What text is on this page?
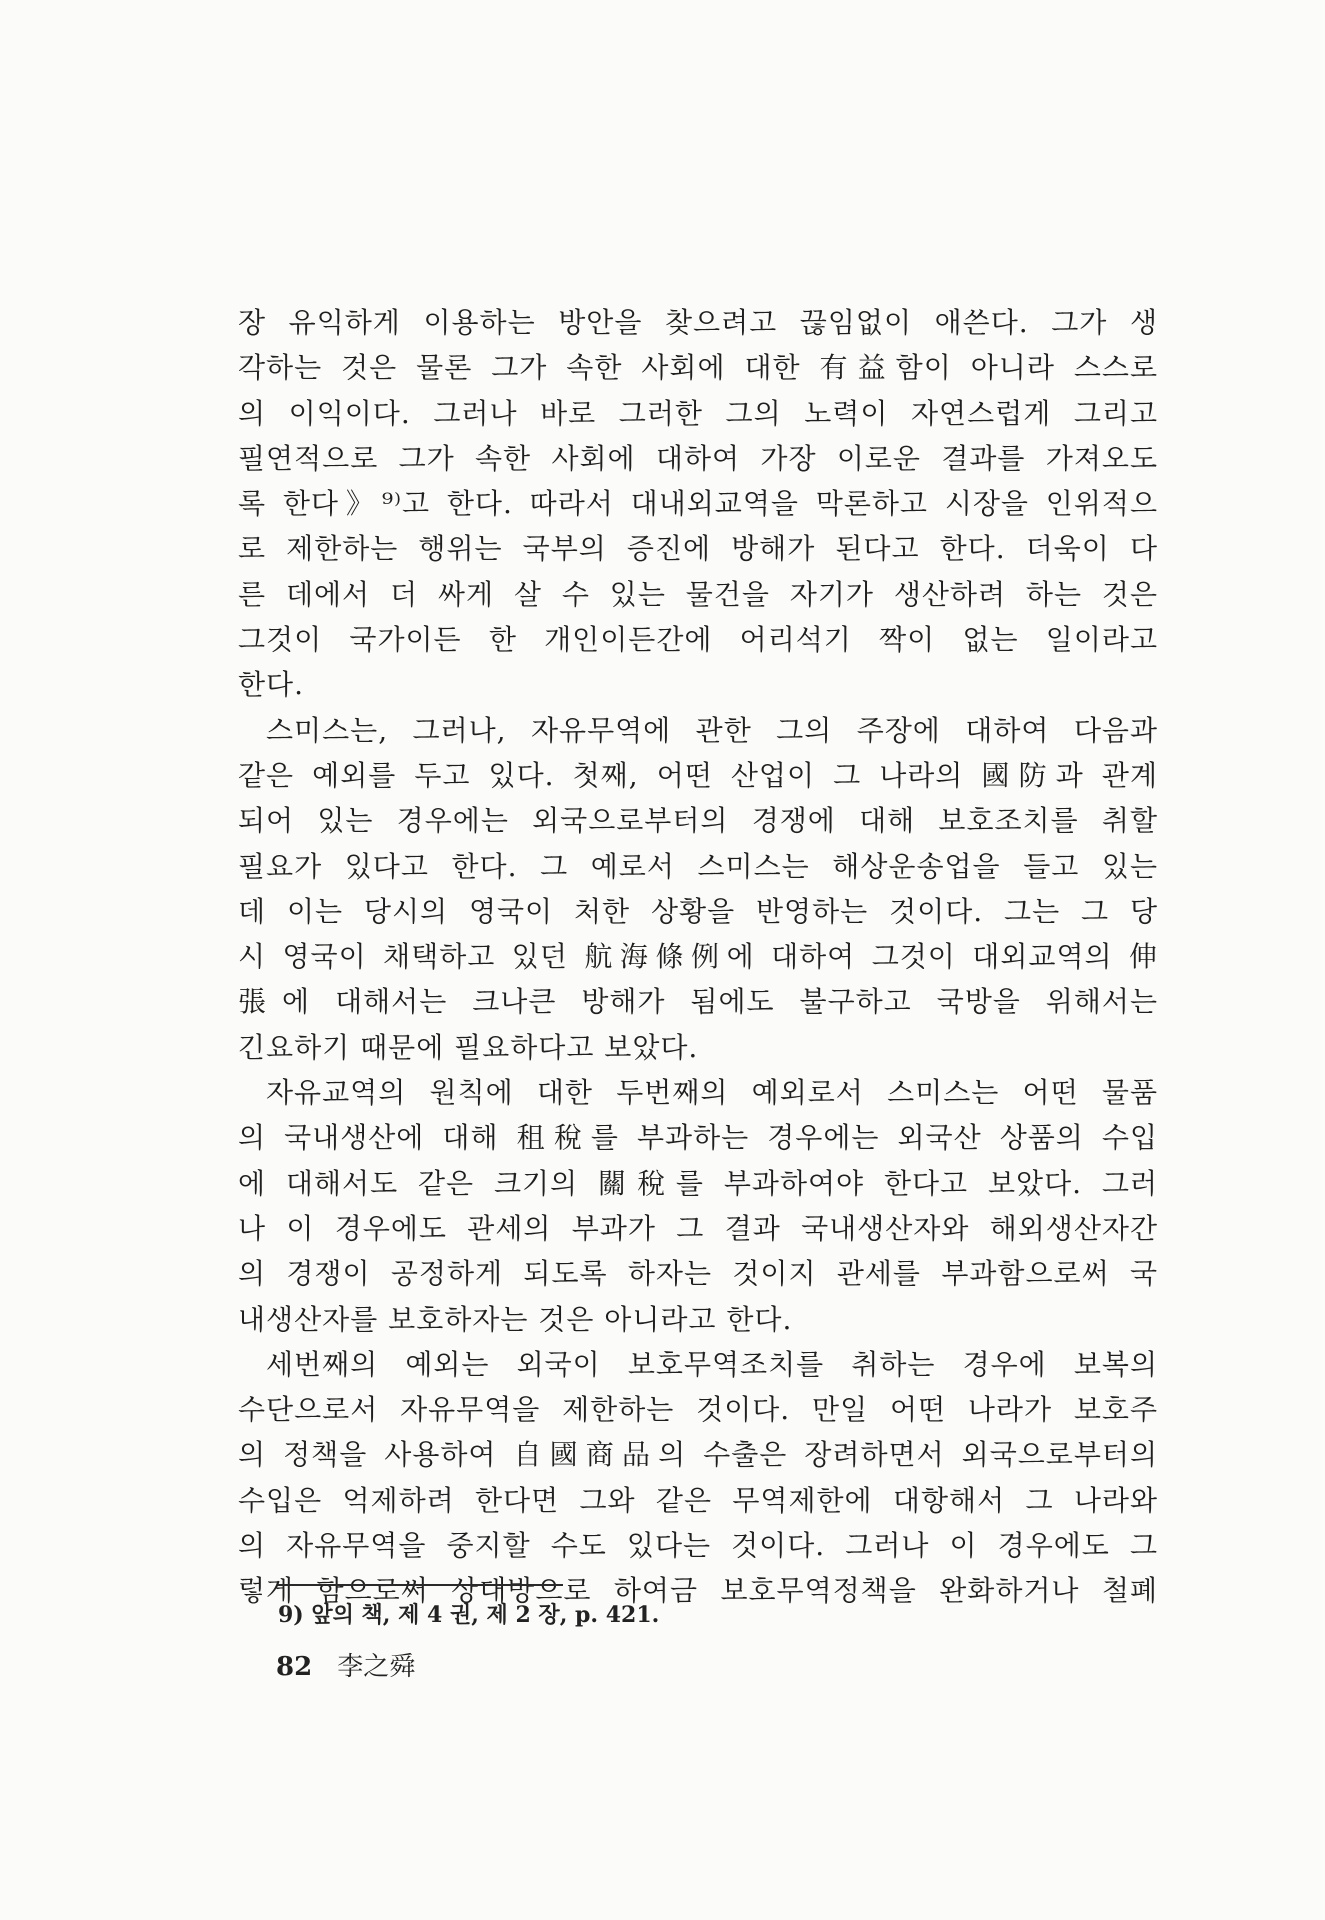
장 유익하게 이용하는 방안을 찾으려고 끊임없이 애쓴다. 그가 생
각하는 것은 물론 그가 속한 사회에 대한 有益함이 아니라 스스로
의 이익이다. 그러나 바로 그러한 그의 노력이 자연스럽게 그리고
필연적으로 그가 속한 사회에 대하여 가장 이로운 결과를 가져오도
록 한다》⁹⁾고 한다. 따라서 대내외교역을 막론하고 시장을 인위적으
로 제한하는 행위는 국부의 증진에 방해가 된다고 한다. 더욱이 다
른 데에서 더 싸게 살 수 있는 물건을 자기가 생산하려 하는 것은
그것이 국가이든 한 개인이든간에 어리석기 짝이 없는 일이라고
한다.
스미스는, 그러나, 자유무역에 관한 그의 주장에 대하여 다음과
같은 예외를 두고 있다. 첫째, 어떤 산업이 그 나라의 國防과 관계
되어 있는 경우에는 외국으로부터의 경쟁에 대해 보호조치를 취할
필요가 있다고 한다. 그 예로서 스미스는 해상운송업을 들고 있는
데 이는 당시의 영국이 처한 상황을 반영하는 것이다. 그는 그 당
시 영국이 채택하고 있던 航海條例에 대하여 그것이 대외교역의 伸
張에 대해서는 크나큰 방해가 됨에도 불구하고 국방을 위해서는
긴요하기 때문에 필요하다고 보았다.
자유교역의 원칙에 대한 두번째의 예외로서 스미스는 어떤 물품
의 국내생산에 대해 租稅를 부과하는 경우에는 외국산 상품의 수입
에 대해서도 같은 크기의 關稅를 부과하여야 한다고 보았다. 그러
나 이 경우에도 관세의 부과가 그 결과 국내생산자와 해외생산자간
의 경쟁이 공정하게 되도록 하자는 것이지 관세를 부과함으로써 국
내생산자를 보호하자는 것은 아니라고 한다.
세번째의 예외는 외국이 보호무역조치를 취하는 경우에 보복의
수단으로서 자유무역을 제한하는 것이다. 만일 어떤 나라가 보호주
의 정책을 사용하여 自國商品의 수출은 장려하면서 외국으로부터의
수입은 억제하려 한다면 그와 같은 무역제한에 대항해서 그 나라와
의 자유무역을 중지할 수도 있다는 것이다. 그러나 이 경우에도 그
렇게 함으로써 상대방으로 하여금 보호무역정책을 완화하거나 철폐
9) 앞의 책, 제 4 권, 제 2 장, p. 421.
82 李之舜
